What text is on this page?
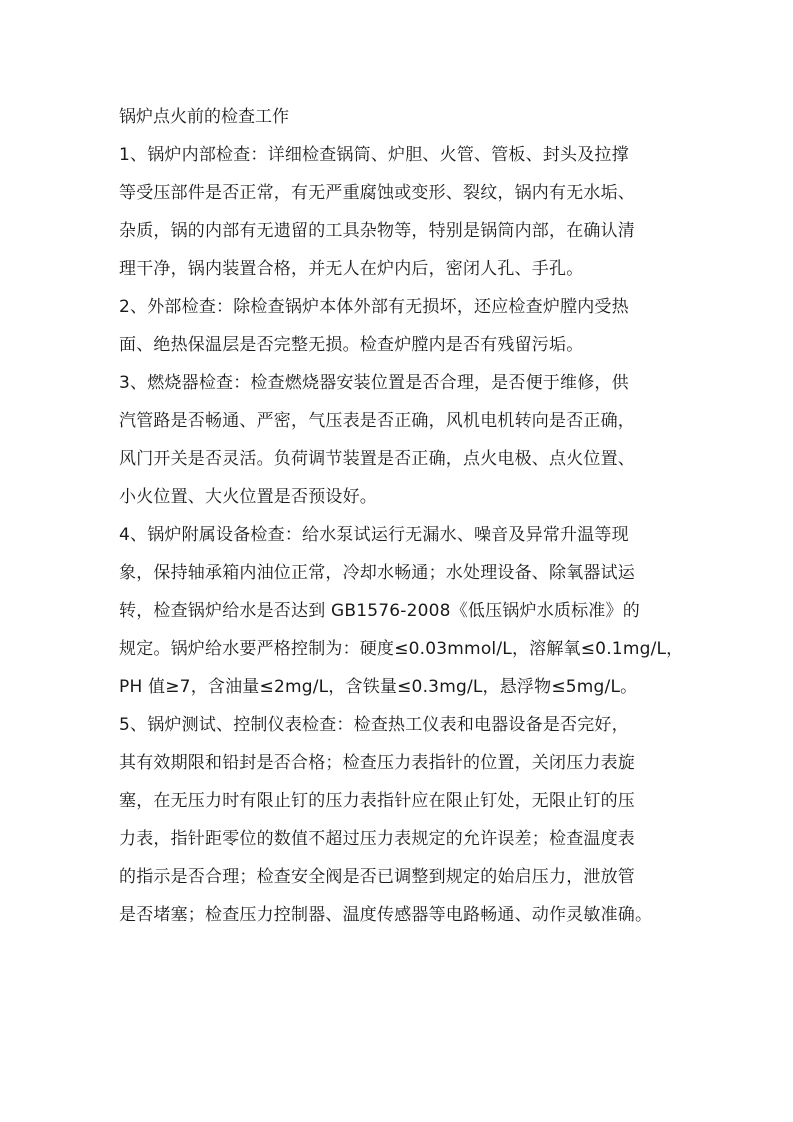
锅炉点火前的检查工作
1、锅炉内部检查：详细检查锅筒、炉胆、火管、管板、封头及拉撑
等受压部件是否正常，有无严重腐蚀或变形、裂纹，锅内有无水垢、
杂质，锅的内部有无遗留的工具杂物等，特别是锅筒内部，在确认清
理干净，锅内装置合格，并无人在炉内后，密闭人孔、手孔。
2、外部检查：除检查锅炉本体外部有无损坏，还应检查炉膛内受热
面、绝热保温层是否完整无损。检查炉膛内是否有残留污垢。
3、燃烧器检查：检查燃烧器安装位置是否合理，是否便于维修，供
汽管路是否畅通、严密，气压表是否正确，风机电机转向是否正确，
风门开关是否灵活。负荷调节装置是否正确，点火电极、点火位置、
小火位置、大火位置是否预设好。
4、锅炉附属设备检查：给水泵试运行无漏水、噪音及异常升温等现
象，保持轴承箱内油位正常，冷却水畅通；水处理设备、除氧器试运
转，检查锅炉给水是否达到 GB1576-2008《低压锅炉水质标准》的
规定。锅炉给水要严格控制为：硬度≤0.03mmol/L，溶解氧≤0.1mg/L，
PH 值≥7，含油量≤2mg/L，含铁量≤0.3mg/L，悬浮物≤5mg/L。
5、锅炉测试、控制仪表检查：检查热工仪表和电器设备是否完好，
其有效期限和铅封是否合格；检查压力表指针的位置，关闭压力表旋
塞，在无压力时有限止钉的压力表指针应在限止钉处，无限止钉的压
力表，指针距零位的数值不超过压力表规定的允许误差；检查温度表
的指示是否合理；检查安全阀是否已调整到规定的始启压力，泄放管
是否堵塞；检查压力控制器、温度传感器等电路畅通、动作灵敏准确。
